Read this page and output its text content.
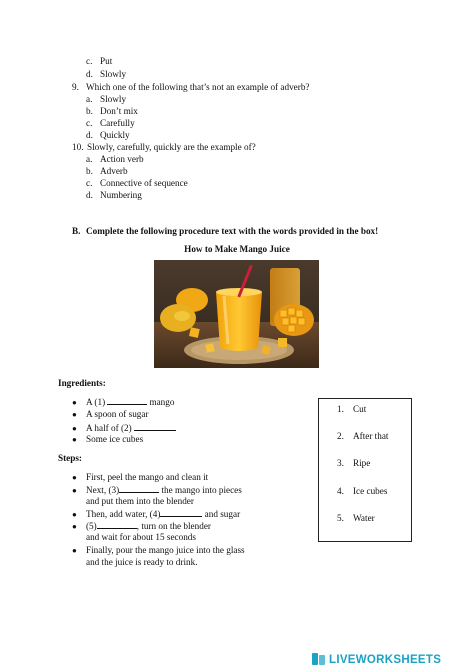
c. Put
d. Slowly
9. Which one of the following that’s not an example of adverb?
a. Slowly
b. Don’t mix
c. Carefully
d. Quickly
10. Slowly, carefully, quickly are the example of?
a. Action verb
b. Adverb
c. Connective of sequence
d. Numbering
B. Complete the following procedure text with the words provided in the box!
How to Make Mango Juice
Ingredients:
● A (1)	mango
● A spoon of sugar
● A half of (2)
● Some ice cubes
Steps:
● First, peel the mango and clean it
● Next, (3)	the mango into pieces
and put them into the blender
● Then, add water, (4)	and sugar
● (5)	, turn on the blender
and wait for about 15 seconds
● Finally, pour the mango juice into the glass
and the juice is ready to drink.
1. Cut
2. After that
3. Ripe
4. Ice cubes
5. Water
LIVEWORKSHEETS
